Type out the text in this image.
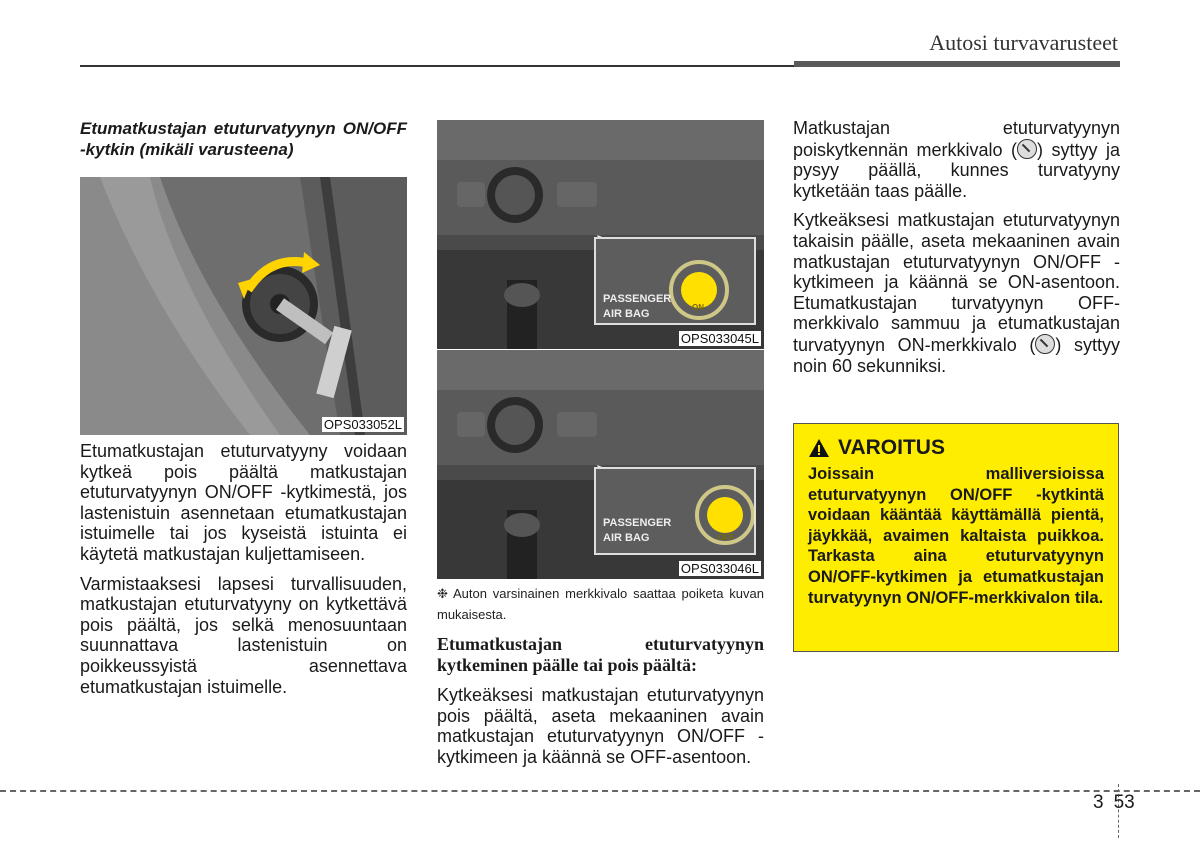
Autosi turvavarusteet

Etumatkustajan etuturvatyynyn ON/OFF -kytkin (mikäli varusteena)

OPS033052L

Etumatkustajan etuturvatyyny voidaan kytkeä pois päältä matkustajan etuturvatyynyn ON/OFF -kytkimestä, jos lastenistuin asennetaan etumatkustajan istuimelle tai jos kyseistä istuinta ei käytetä matkustajan kuljettamiseen.

Varmistaaksesi lapsesi turvallisuuden, matkustajan etuturvatyyny on kytkettävä pois päältä, jos selkä menosuuntaan suunnattava lastenistuin on poikkeussyistä asennettava etumatkustajan istuimelle.

PASSENGER
AIR BAG
ON
OPS033045L
PASSENGER
AIR BAG	OFF
OPS033046L

❉ Auton varsinainen merkkivalo saattaa poiketa kuvan mukaisesta.

Etumatkustajan etuturvatyynyn kytkeminen päälle tai pois päältä:

Kytkeäksesi matkustajan etuturvatyynyn pois päältä, aseta mekaaninen avain matkustajan etuturvatyynyn ON/OFF -kytkimeen ja käännä se OFF-asentoon.

Matkustajan etuturvatyynyn poiskytkennän merkkivalo ( ) syttyy ja pysyy päällä, kunnes turvatyyny kytketään taas päälle.

Kytkeäksesi matkustajan etuturvatyynyn takaisin päälle, aseta mekaaninen avain matkustajan etuturvatyynyn ON/OFF -kytkimeen ja käännä se ON-asentoon. Etumatkustajan turvatyynyn OFF-merkkivalo sammuu ja etumatkustajan turvatyynyn ON-merkkivalo ( ) syttyy noin 60 sekunniksi.

VAROITUS

Joissain malliversioissa etuturvatyynyn ON/OFF -kytkintä voidaan kääntää käyttämällä pientä, jäykkää, avaimen kaltaista puikkoa. Tarkasta aina etuturvatyynyn ON/OFF-kytkimen ja etumatkustajan turvatyynyn ON/OFF-merkkivalon tila.

3 53
